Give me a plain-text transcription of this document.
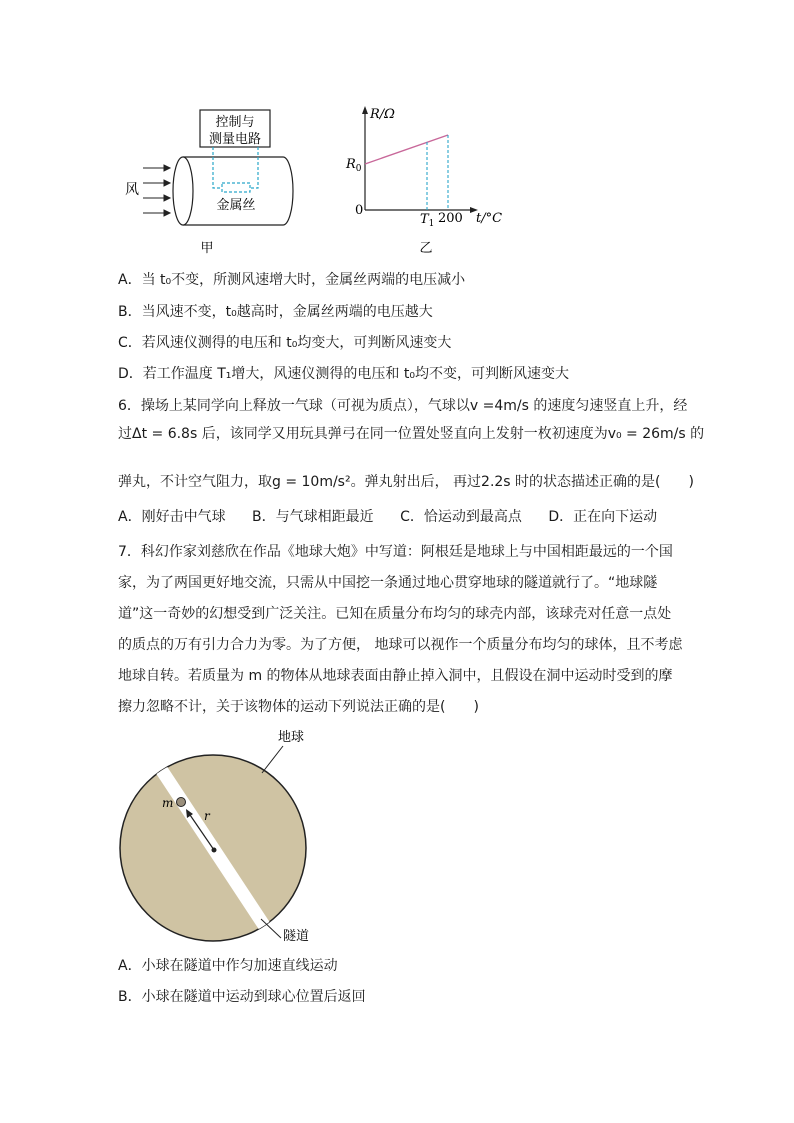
控制与
测量电路
金属丝
风
甲
R/Ω
$R_0$
0
$T_1$ 200 t/°C
乙
A．当 t₀不变，所测风速增大时，金属丝两端的电压减小
B．当风速不变，t₀越高时，金属丝两端的电压越大
C．若风速仪测得的电压和 t₀均变大，可判断风速变大
D．若工作温度 T₁增大，风速仪测得的电压和 t₀均不变，可判断风速变大
6．操场上某同学向上释放一气球（可视为质点），气球以v =4m/s 的速度匀速竖直上升，经
过Δt = 6.8s 后，该同学又用玩具弹弓在同一位置处竖直向上发射一枚初速度为v₀ = 26m/s 的
弹丸，不计空气阻力，取g = 10m/s²。弹丸射出后， 再过2.2s 时的状态描述正确的是(　　)
A．刚好击中气球 B．与气球相距最近 C．恰运动到最高点 D．正在向下运动
7．科幻作家刘慈欣在作品《地球大炮》中写道：阿根廷是地球上与中国相距最远的一个国家，为了两国更好地交流，只需从中国挖一条通过地心贯穿地球的隧道就行了。“地球隧道”这一奇妙的幻想受到广泛关注。已知在质量分布均匀的球壳内部，该球壳对任意一点处的质点的万有引力合力为零。为了方便， 地球可以视作一个质量分布均匀的球体，且不考虑地球自转。若质量为 m 的物体从地球表面由静止掉入洞中，且假设在洞中运动时受到的摩擦力忽略不计，关于该物体的运动下列说法正确的是(　　)
地球
隧道
m
r
A．小球在隧道中作匀加速直线运动
B．小球在隧道中运动到球心位置后返回
